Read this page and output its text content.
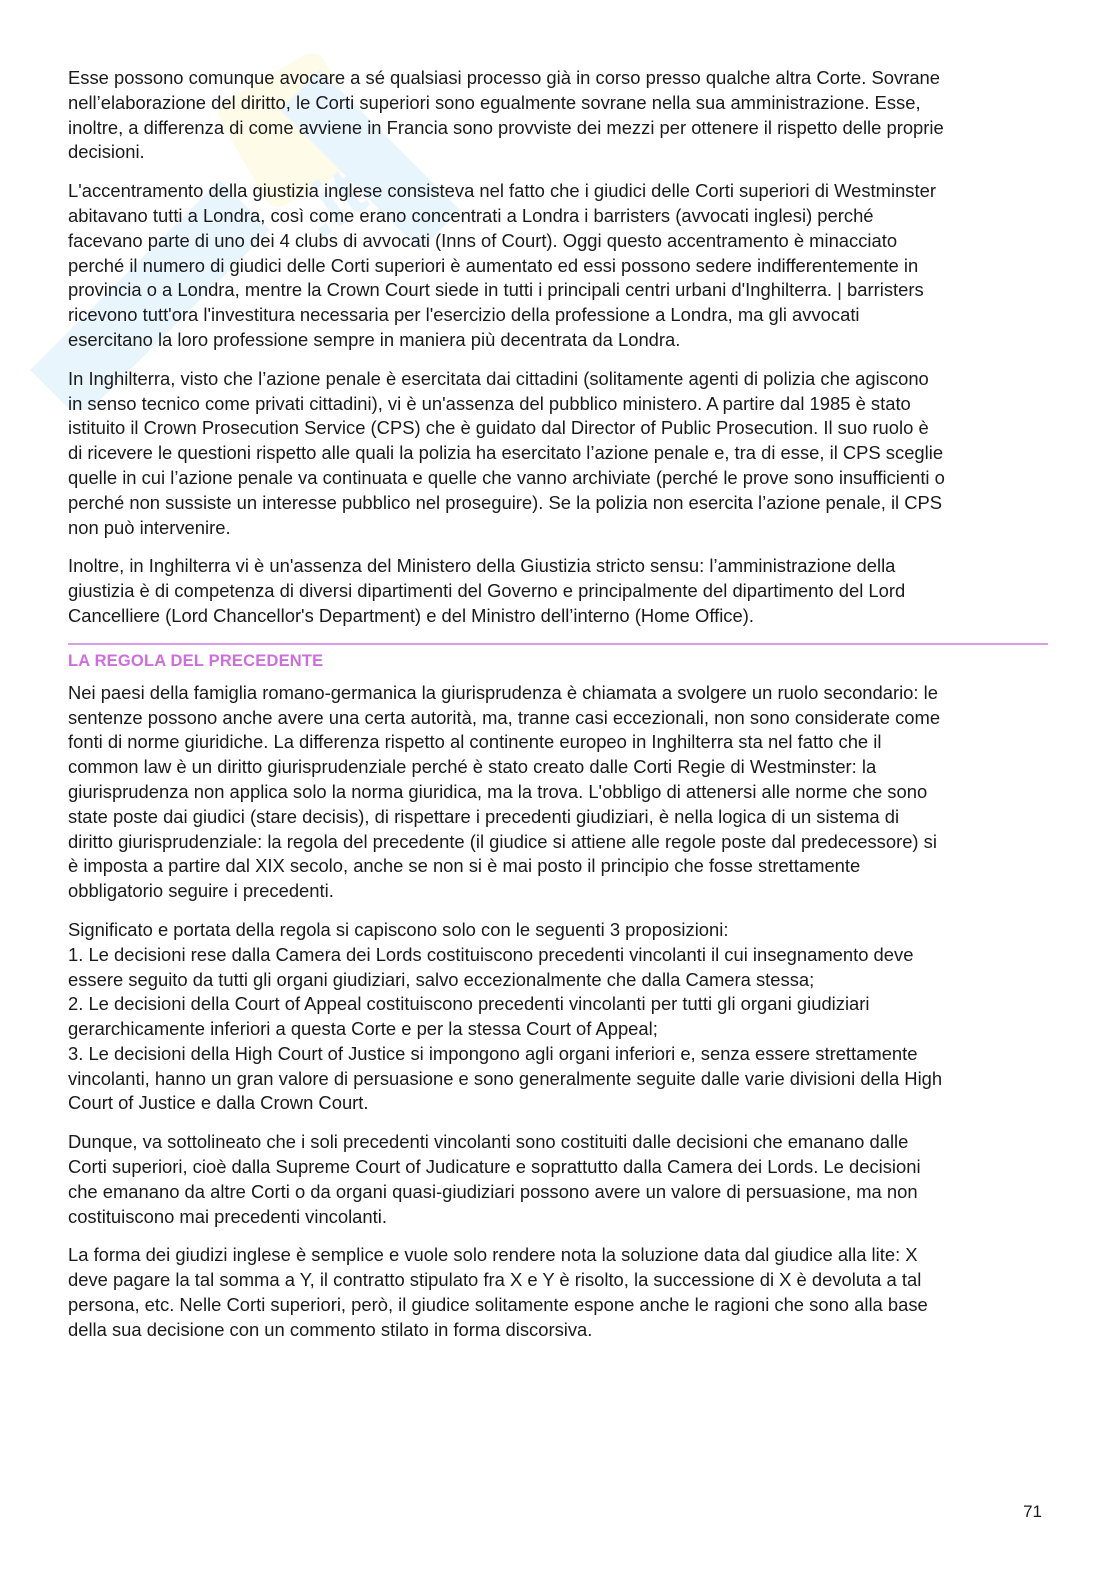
.it

Esse possono comunque avocare a sé qualsiasi processo già in corso presso qualche altra Corte. Sovrane
nell’elaborazione del diritto, le Corti superiori sono egualmente sovrane nella sua amministrazione. Esse,
inoltre, a differenza di come avviene in Francia sono provviste dei mezzi per ottenere il rispetto delle proprie
decisioni.

L'accentramento della giustizia inglese consisteva nel fatto che i giudici delle Corti superiori di Westminster
abitavano tutti a Londra, così come erano concentrati a Londra i barristers (avvocati inglesi) perché
facevano parte di uno dei 4 clubs di avvocati (Inns of Court). Oggi questo accentramento è minacciato
perché il numero di giudici delle Corti superiori è aumentato ed essi possono sedere indifferentemente in
provincia o a Londra, mentre la Crown Court siede in tutti i principali centri urbani d'Inghilterra. | barristers
ricevono tutt'ora l'investitura necessaria per l'esercizio della professione a Londra, ma gli avvocati
esercitano la loro professione sempre in maniera più decentrata da Londra.

In Inghilterra, visto che l’azione penale è esercitata dai cittadini (solitamente agenti di polizia che agiscono
in senso tecnico come privati cittadini), vi è un'assenza del pubblico ministero. A partire dal 1985 è stato
istituito il Crown Prosecution Service (CPS) che è guidato dal Director of Public Prosecution. Il suo ruolo è
di ricevere le questioni rispetto alle quali la polizia ha esercitato l’azione penale e, tra di esse, il CPS sceglie
quelle in cui l’azione penale va continuata e quelle che vanno archiviate (perché le prove sono insufficienti o
perché non sussiste un interesse pubblico nel proseguire). Se la polizia non esercita l’azione penale, il CPS
non può intervenire.

Inoltre, in Inghilterra vi è un'assenza del Ministero della Giustizia stricto sensu: l’amministrazione della
giustizia è di competenza di diversi dipartimenti del Governo e principalmente del dipartimento del Lord
Cancelliere (Lord Chancellor's Department) e del Ministro dell’interno (Home Office).

LA REGOLA DEL PRECEDENTE

Nei paesi della famiglia romano-germanica la giurisprudenza è chiamata a svolgere un ruolo secondario: le
sentenze possono anche avere una certa autorità, ma, tranne casi eccezionali, non sono considerate come
fonti di norme giuridiche. La differenza rispetto al continente europeo in Inghilterra sta nel fatto che il
common law è un diritto giurisprudenziale perché è stato creato dalle Corti Regie di Westminster: la
giurisprudenza non applica solo la norma giuridica, ma la trova. L'obbligo di attenersi alle norme che sono
state poste dai giudici (stare decisis), di rispettare i precedenti giudiziari, è nella logica di un sistema di
diritto giurisprudenziale: la regola del precedente (il giudice si attiene alle regole poste dal predecessore) si
è imposta a partire dal XIX secolo, anche se non si è mai posto il principio che fosse strettamente
obbligatorio seguire i precedenti.

Significato e portata della regola si capiscono solo con le seguenti 3 proposizioni:
1. Le decisioni rese dalla Camera dei Lords costituiscono precedenti vincolanti il cui insegnamento deve
essere seguito da tutti gli organi giudiziari, salvo eccezionalmente che dalla Camera stessa;
2. Le decisioni della Court of Appeal costituiscono precedenti vincolanti per tutti gli organi giudiziari
gerarchicamente inferiori a questa Corte e per la stessa Court of Appeal;
3. Le decisioni della High Court of Justice si impongono agli organi inferiori e, senza essere strettamente
vincolanti, hanno un gran valore di persuasione e sono generalmente seguite dalle varie divisioni della High
Court of Justice e dalla Crown Court.

Dunque, va sottolineato che i soli precedenti vincolanti sono costituiti dalle decisioni che emanano dalle
Corti superiori, cioè dalla Supreme Court of Judicature e soprattutto dalla Camera dei Lords. Le decisioni
che emanano da altre Corti o da organi quasi-giudiziari possono avere un valore di persuasione, ma non
costituiscono mai precedenti vincolanti.

La forma dei giudizi inglese è semplice e vuole solo rendere nota la soluzione data dal giudice alla lite: X
deve pagare la tal somma a Y, il contratto stipulato fra X e Y è risolto, la successione di X è devoluta a tal
persona, etc. Nelle Corti superiori, però, il giudice solitamente espone anche le ragioni che sono alla base
della sua decisione con un commento stilato in forma discorsiva.

71
